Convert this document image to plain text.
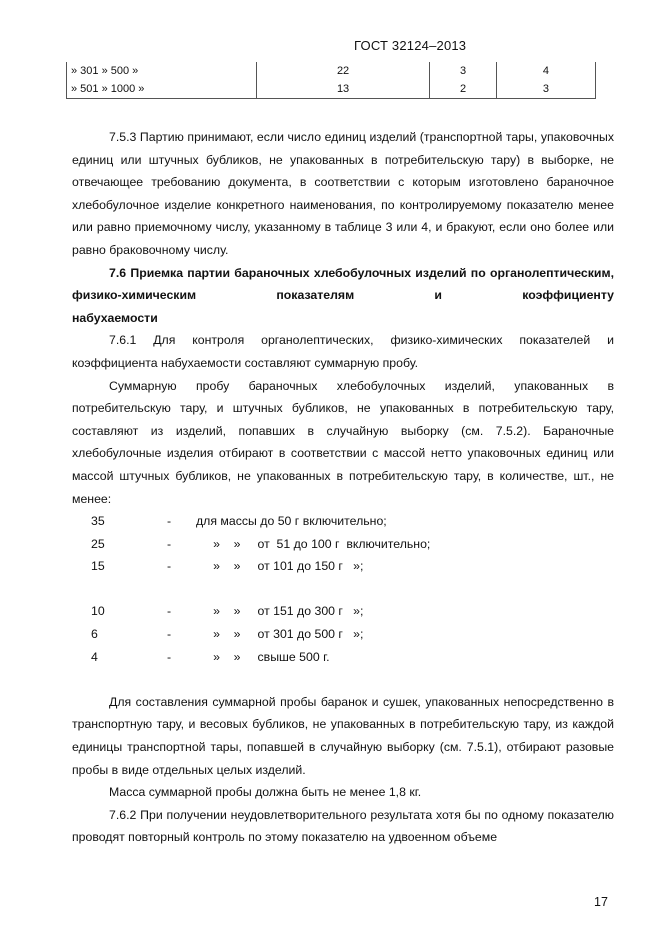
ГОСТ 32124–2013
» 301 » 500 »	22	3	4
» 501 » 1000 »	13	2	3

7.5.3 Партию принимают, если число единиц изделий (транспортной тары, упаковочных единиц или штучных бубликов, не упакованных в потребительскую тару) в выборке, не отвечающее требованию документа, в соответствии с которым изготовлено бараночное хлебобулочное изделие конкретного наименования, по контролируемому показателю менее или равно приемочному числу, указанному в таблице 3 или 4, и бракуют, если оно более или равно браковочному числу.

7.6 Приемка партии бараночных хлебобулочных изделий по органолептическим, физико-химическим показателям и коэффициенту

набухаемости

7.6.1 Для контроля органолептических, физико-химических показателей и коэффициента набухаемости составляют суммарную пробу.

Суммарную пробу бараночных хлебобулочных изделий, упакованных в потребительскую тару, и штучных бубликов, не упакованных в потребительскую тару, составляют из изделий, попавших в случайную выборку (см. 7.5.2). Бараночные хлебобулочные изделия отбирают в соответствии с массой нетто упаковочных единиц или массой штучных бубликов, не упакованных в потребительскую тару, в количестве, шт., не менее:

35	- для массы до 50 г включительно;
25	- »    »     от  51 до 100 г  включительно;
15	- »    »     от 101 до 150 г   »;
10	- »    »     от 151 до 300 г   »;
6	- »    »     от 301 до 500 г   »;
4	- »    »     свыше 500 г.

Для составления суммарной пробы баранок и сушек, упакованных непосредственно в транспортную тару, и весовых бубликов, не упакованных в потребительскую тару, из каждой единицы транспортной тары, попавшей в случайную выборку (см. 7.5.1), отбирают разовые пробы в виде отдельных целых изделий.

Масса суммарной пробы должна быть не менее 1,8 кг.

7.6.2 При получении неудовлетворительного результата хотя бы по одному показателю проводят повторный контроль по этому показателю на удвоенном объеме

17
